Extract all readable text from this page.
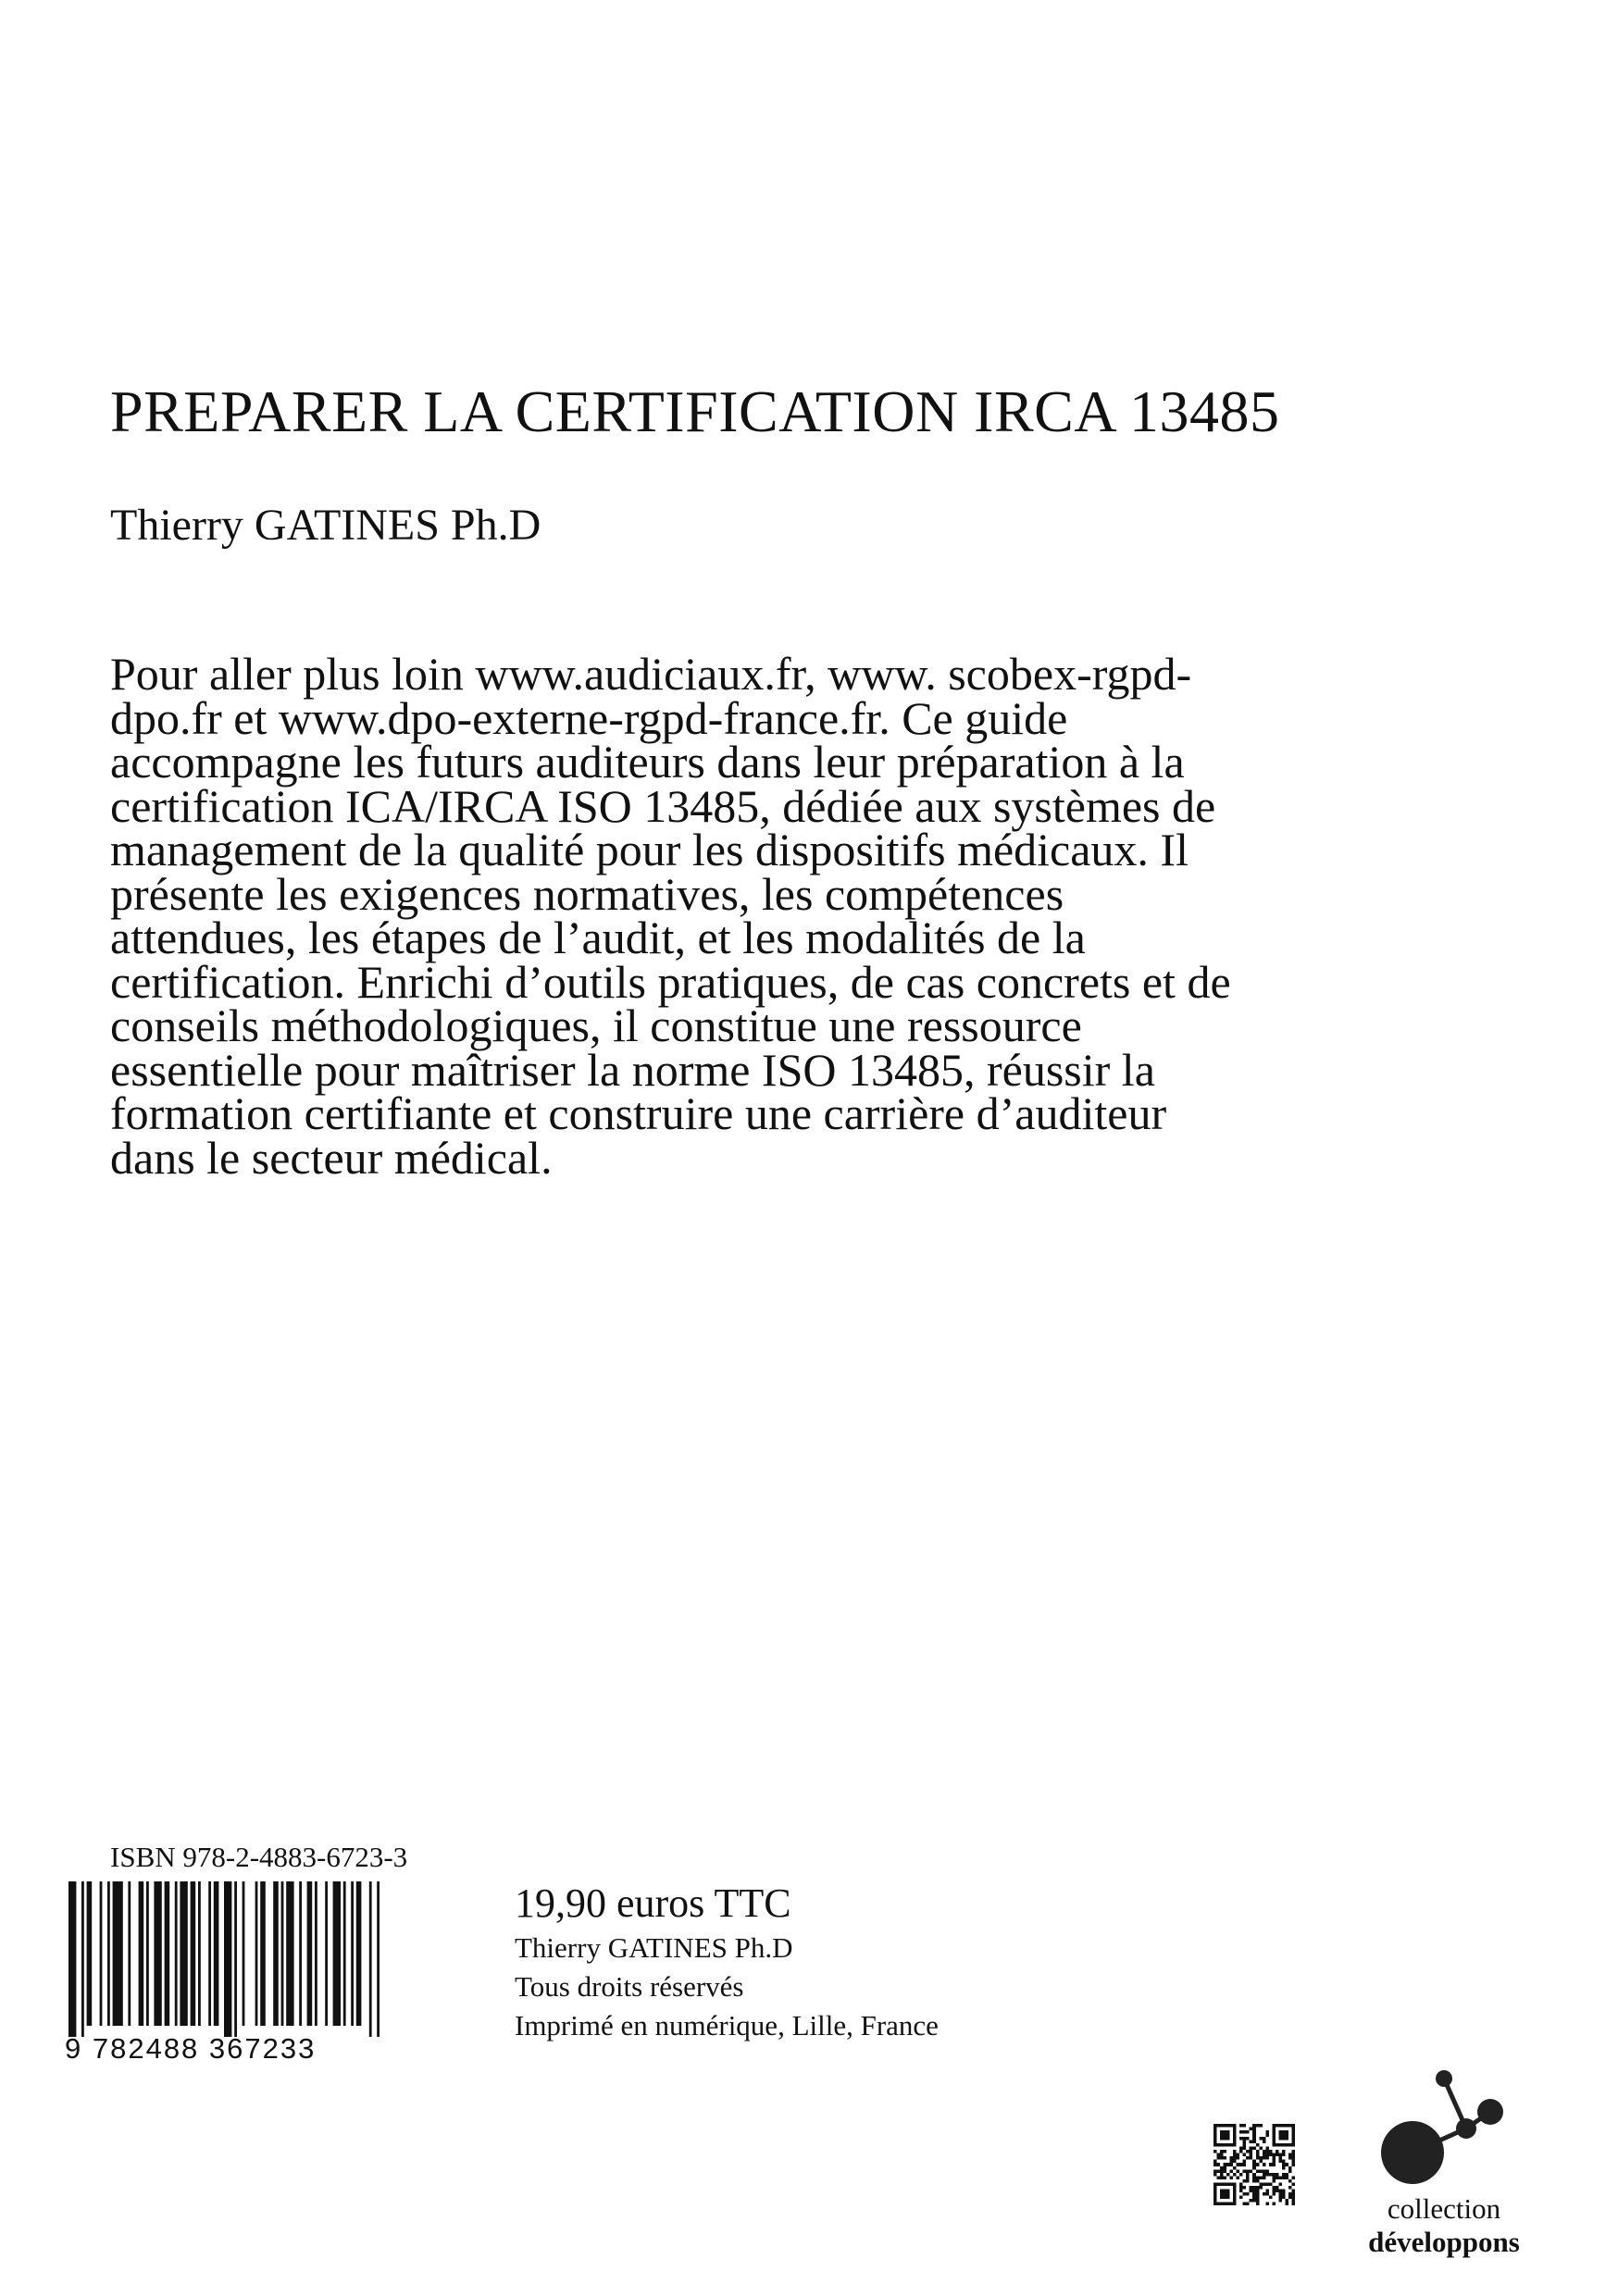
PREPARER LA CERTIFICATION IRCA 13485
Thierry GATINES Ph.D

Pour aller plus loin www.audiciaux.fr, www. scobex-rgpd-dpo.fr et www.dpo-externe-rgpd-france.fr. Ce guide accompagne les futurs auditeurs dans leur préparation à la certification ICA/IRCA ISO 13485, dédiée aux systèmes de management de la qualité pour les dispositifs médicaux. Il présente les exigences normatives, les compétences attendues, les étapes de l’audit, et les modalités de la certification. Enrichi d’outils pratiques, de cas concrets et de conseils méthodologiques, il constitue une ressource essentielle pour maîtriser la norme ISO 13485, réussir la formation certifiante et construire une carrière d’auditeur dans le secteur médical.

ISBN 978-2-4883-6723-3
9 782488 367233
19,90 euros TTC
Thierry GATINES Ph.D
Tous droits réservés
Imprimé en numérique, Lille, France
collection
développons
